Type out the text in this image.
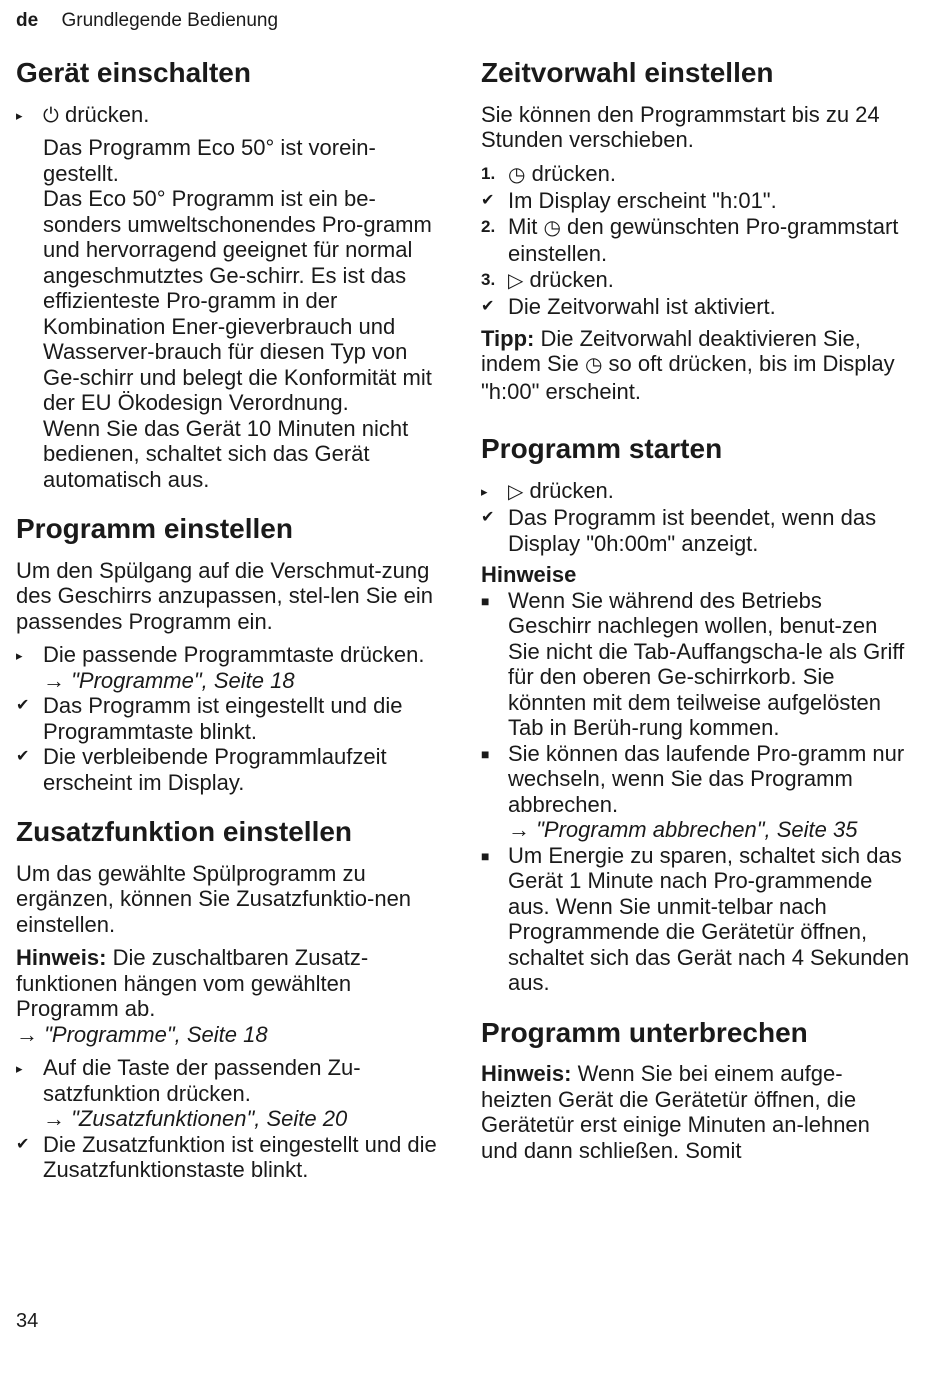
de Grundlegende Bedienung
Gerät einschalten
▸	⏻ drücken.
Das Programm Eco 50° ist vorein-gestellt.
Das Eco 50° Programm ist ein be-sonders umweltschonendes Pro-gramm und hervorragend geeignet für normal angeschmutztes Ge-schirr. Es ist das effizienteste Pro-gramm in der Kombination Ener-gieverbrauch und Wasserver-brauch für diesen Typ von Ge-schirr und belegt die Konformität mit der EU Ökodesign Verordnung.
Wenn Sie das Gerät 10 Minuten nicht bedienen, schaltet sich das Gerät automatisch aus.
Programm einstellen

Um den Spülgang auf die Verschmut-zung des Geschirrs anzupassen, stel-len Sie ein passendes Programm ein.

▸ Die passende Programmtaste drücken.
→ "Programme", Seite 18
✔ Das Programm ist eingestellt und die Programmtaste blinkt.
✔ Die verbleibende Programmlaufzeit erscheint im Display.
Zusatzfunktion einstellen

Um das gewählte Spülprogramm zu ergänzen, können Sie Zusatzfunktio-nen einstellen.

Hinweis: Die zuschaltbaren Zusatz-funktionen hängen vom gewählten Programm ab.

→ "Programme", Seite 18

▸ Auf die Taste der passenden Zu-satzfunktion drücken.
→ "Zusatzfunktionen", Seite 20
✔ Die Zusatzfunktion ist eingestellt und die Zusatzfunktionstaste blinkt.
Zeitvorwahl einstellen

Sie können den Programmstart bis zu 24 Stunden verschieben.

1. ◷ drücken.
✔ Im Display erscheint "h:01".
2. Mit ◷ den gewünschten Pro-grammstart einstellen.
3. ▷ drücken.
✔ Die Zeitvorwahl ist aktiviert.

Tipp: Die Zeitvorwahl deaktivieren Sie, indem Sie ◷ so oft drücken, bis im Display "h:00" erscheint.

Programm starten
▸	▷ drücken.
✔ Das Programm ist beendet, wenn das Display "0h:00m" anzeigt.

Hinweise

■ Wenn Sie während des Betriebs Geschirr nachlegen wollen, benut-zen Sie nicht die Tab-Auffangscha-le als Griff für den oberen Ge-schirrkorb. Sie könnten mit dem teilweise aufgelösten Tab in Berüh-rung kommen.
■ Sie können das laufende Pro-gramm nur wechseln, wenn Sie das Programm abbrechen.
→ "Programm abbrechen", Seite 35
■ Um Energie zu sparen, schaltet sich das Gerät 1 Minute nach Pro-grammende aus. Wenn Sie unmit-telbar nach Programmende die Gerätetür öffnen, schaltet sich das Gerät nach 4 Sekunden aus.
Programm unterbrechen

Hinweis: Wenn Sie bei einem aufge-heizten Gerät die Gerätetür öffnen, die Gerätetür erst einige Minuten an-lehnen und dann schließen. Somit

34
